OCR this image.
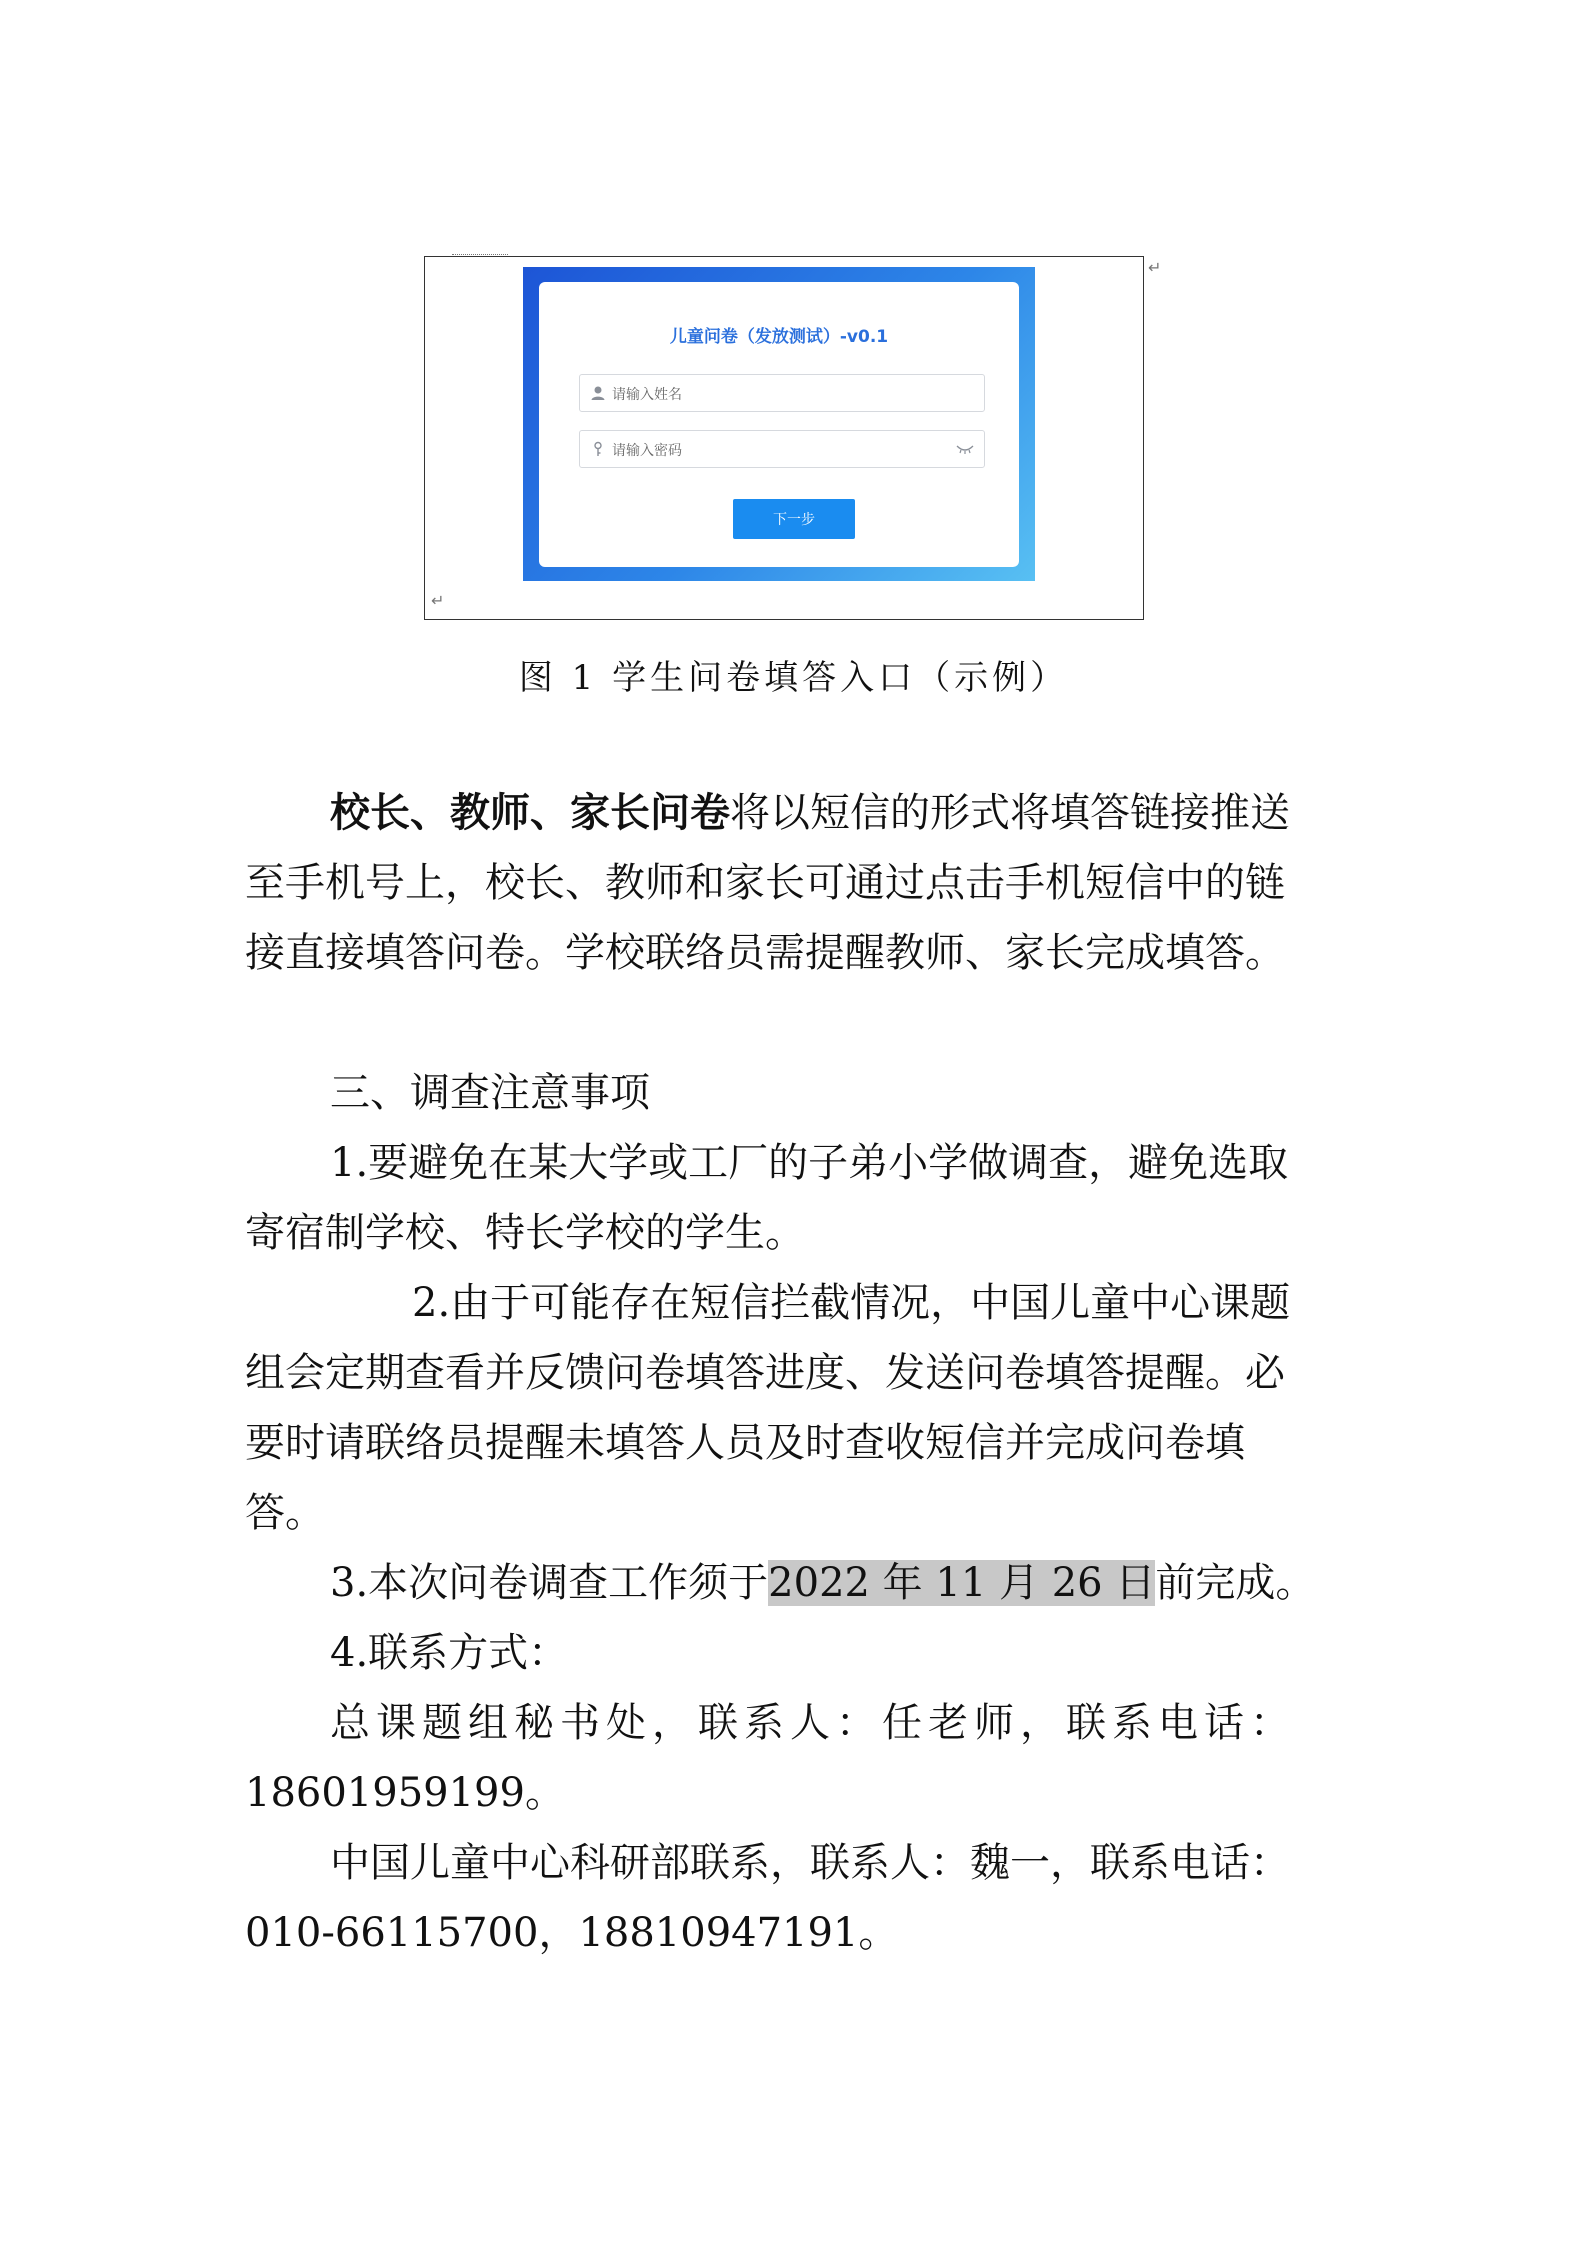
儿童问卷（发放测试）-v0.1
请输入姓名
请输入密码
下一步
↵
↵
图 1 学生问卷填答入口（示例）
校长、教师、家长问卷将以短信的形式将填答链接推送
至手机号上，校长、教师和家长可通过点击手机短信中的链
接直接填答问卷。学校联络员需提醒教师、家长完成填答。
三、调查注意事项
1.要避免在某大学或工厂的子弟小学做调查，避免选取
寄宿制学校、特长学校的学生。
2.由于可能存在短信拦截情况，中国儿童中心课题
组会定期查看并反馈问卷填答进度、发送问卷填答提醒。必
要时请联络员提醒未填答人员及时查收短信并完成问卷填
答。
3.本次问卷调查工作须于2022 年 11 月 26 日前完成。
4.联系方式：
总课题组秘书处，联系人：任老师，联系电话：
18601959199。
中国儿童中心科研部联系，联系人：魏一，联系电话：
010-66115700，18810947191。
